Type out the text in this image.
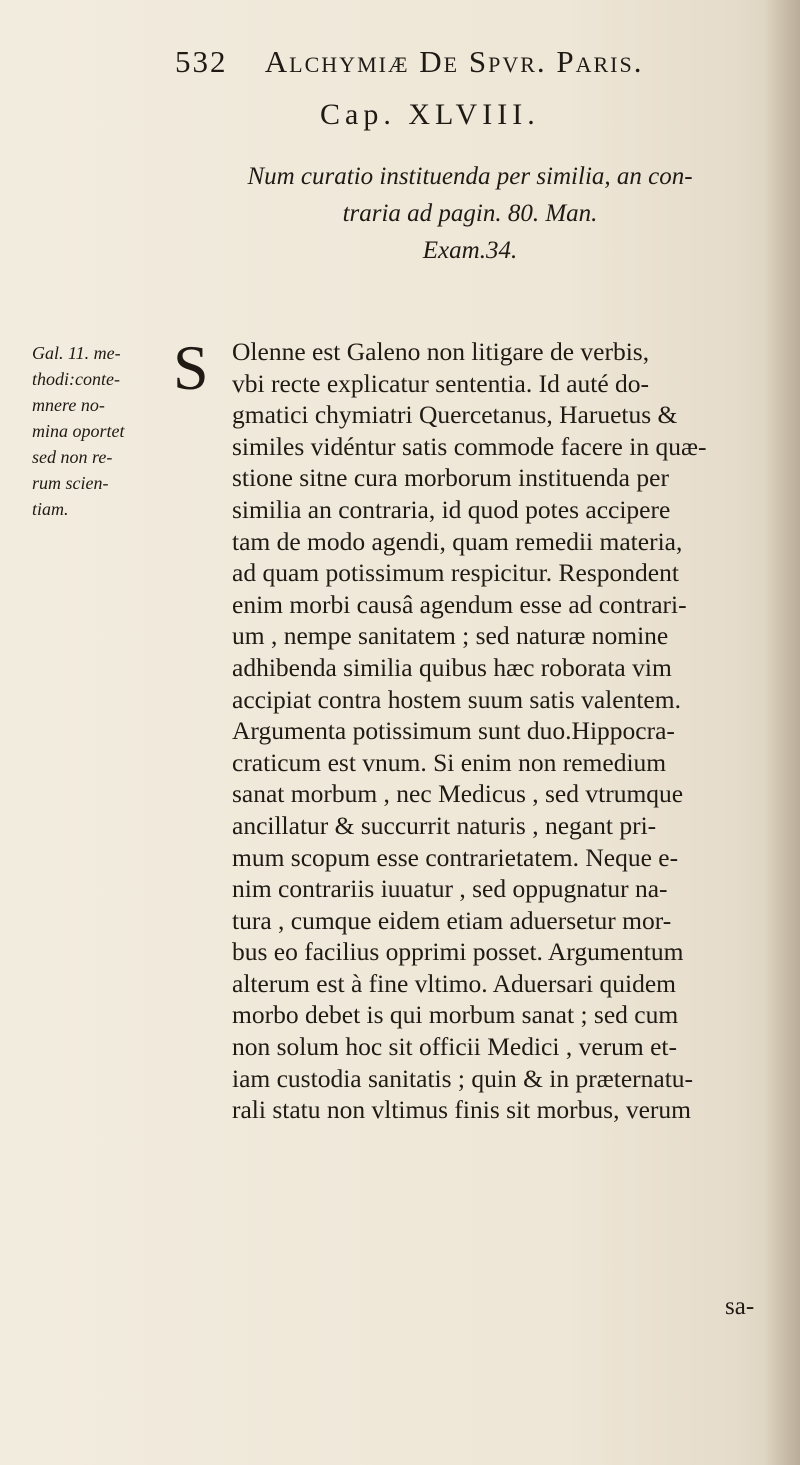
532 Alchymiæ De Spvr. Paris.
Cap. XLVIII.
Num curatio instituenda per similia, an con-
traria ad pagin. 80. Man.
Exam.34.
Gal. 11. me-
thodi:conte-
mnere no-
mina oportet
sed non re-
rum scien-
tiam.
S Olenne est Galeno non litigare de verbis,
vbi recte explicatur sententia. Id auté do-
gmatici chymiatri Quercetanus, Haruetus &
similes vidéntur satis commode facere in quæ-
stione sitne cura morborum instituenda per
similia an contraria, id quod potes accipere
tam de modo agendi, quam remedii materia,
ad quam potissimum respicitur. Respondent
enim morbi causâ agendum esse ad contrari-
um , nempe sanitatem ; sed naturæ nomine
adhibenda similia quibus hæc roborata vim
accipiat contra hostem suum satis valentem.
Argumenta potissimum sunt duo.Hippocra-
craticum est vnum. Si enim non remedium
sanat morbum , nec Medicus , sed vtrumque
ancillatur & succurrit naturis , negant pri-
mum scopum esse contrarietatem. Neque e-
nim contrariis iuuatur , sed oppugnatur na-
tura , cumque eidem etiam aduersetur mor-
bus eo facilius opprimi posset. Argumentum
alterum est à fine vltimo. Aduersari quidem
morbo debet is qui morbum sanat ; sed cum
non solum hoc sit officii Medici , verum et-
iam custodia sanitatis ; quin & in præternatu-
rali statu non vltimus finis sit morbus, verum
sa-
